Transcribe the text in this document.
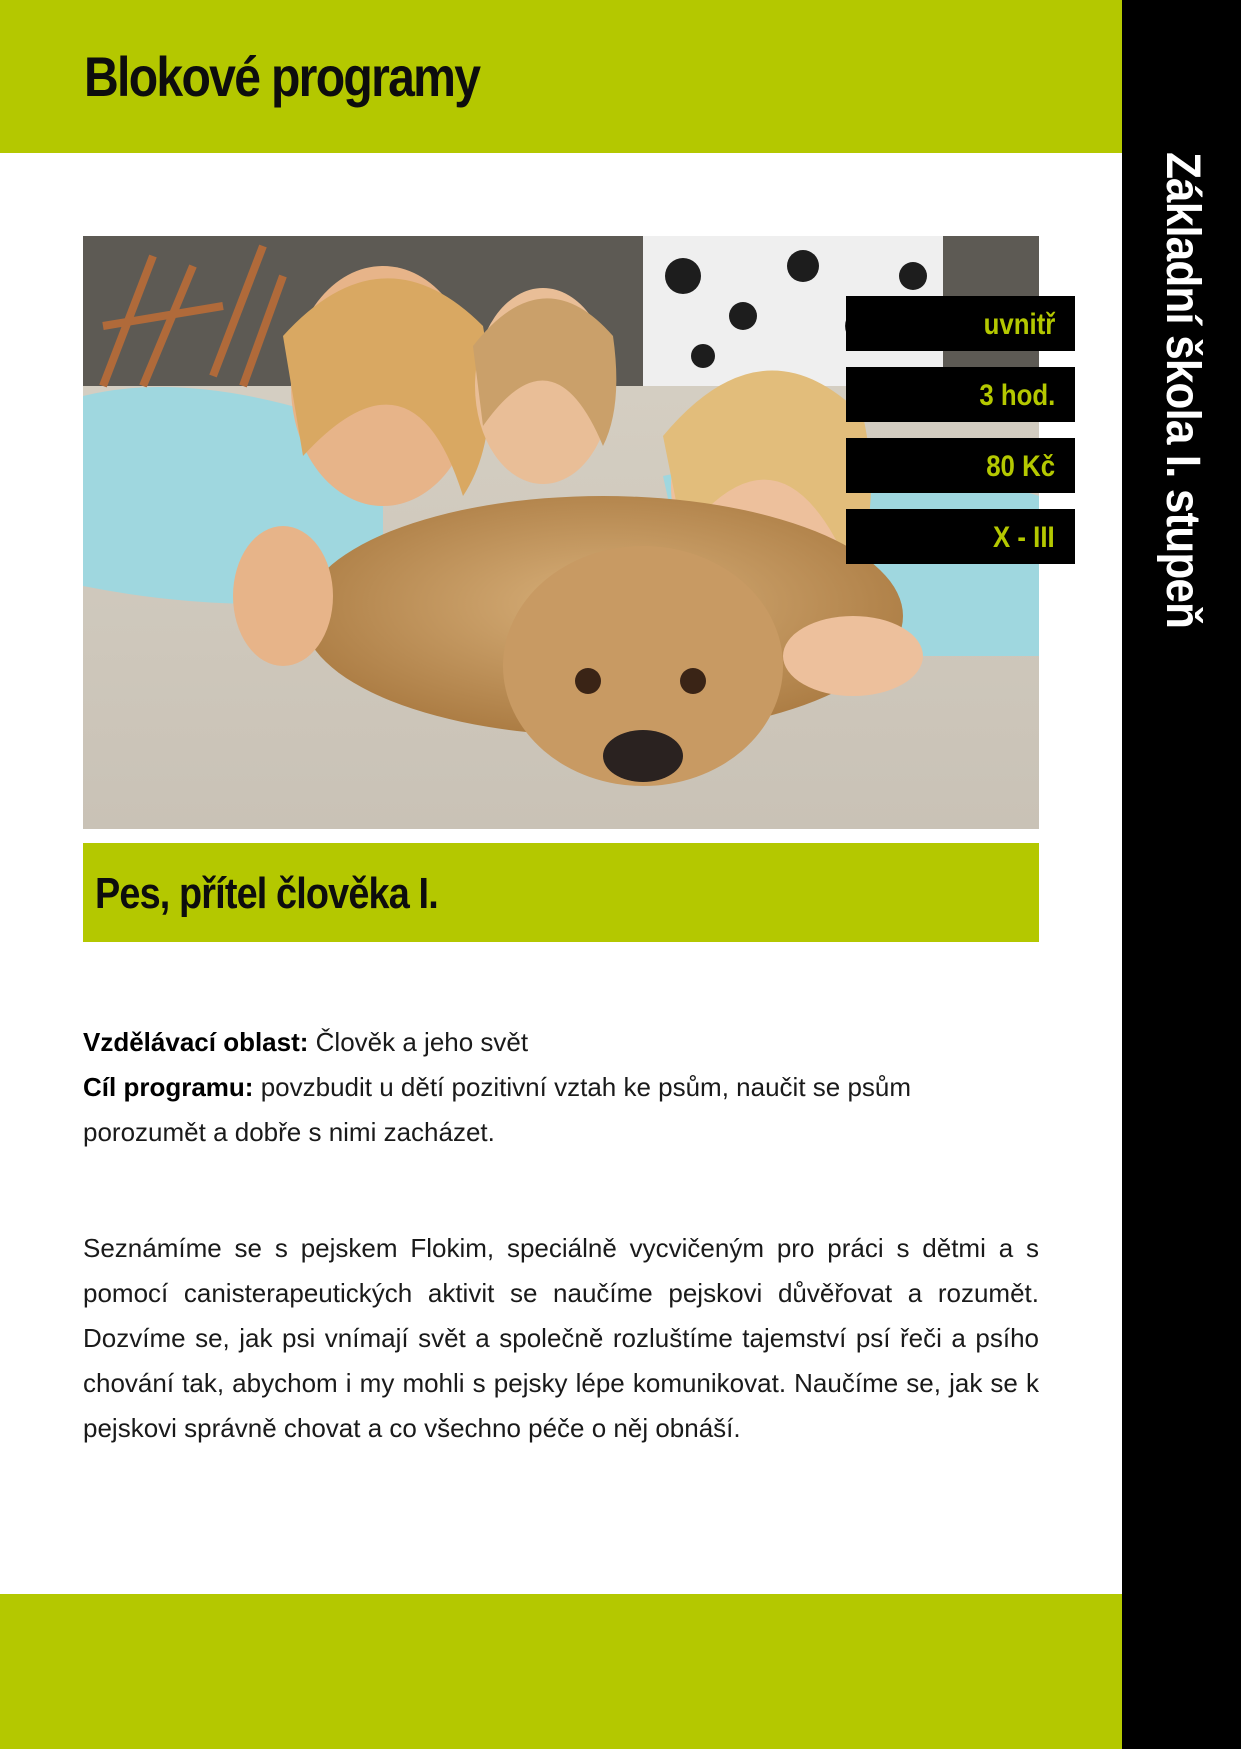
Blokové programy
Základní škola I. stupeň
uvnitř
3 hod.
80 Kč
X - III
Pes, přítel člověka I.

Vzdělávací oblast: Člověk a jeho svět

Cíl programu: povzbudit u dětí pozitivní vztah ke psům, naučit se psům porozumět a dobře s nimi zacházet.

Seznámíme se s pejskem Flokim, speciálně vycvičeným pro práci s dětmi a s pomocí canisterapeutických aktivit se naučíme pejskovi důvěřovat a rozumět. Dozvíme se, jak psi vnímají svět a společně rozluštíme tajemství psí řeči a psího chování tak, abychom i my mohli s pejsky lépe komunikovat. Naučíme se, jak se k pejskovi správně chovat a co všechno péče o něj obnáší.
